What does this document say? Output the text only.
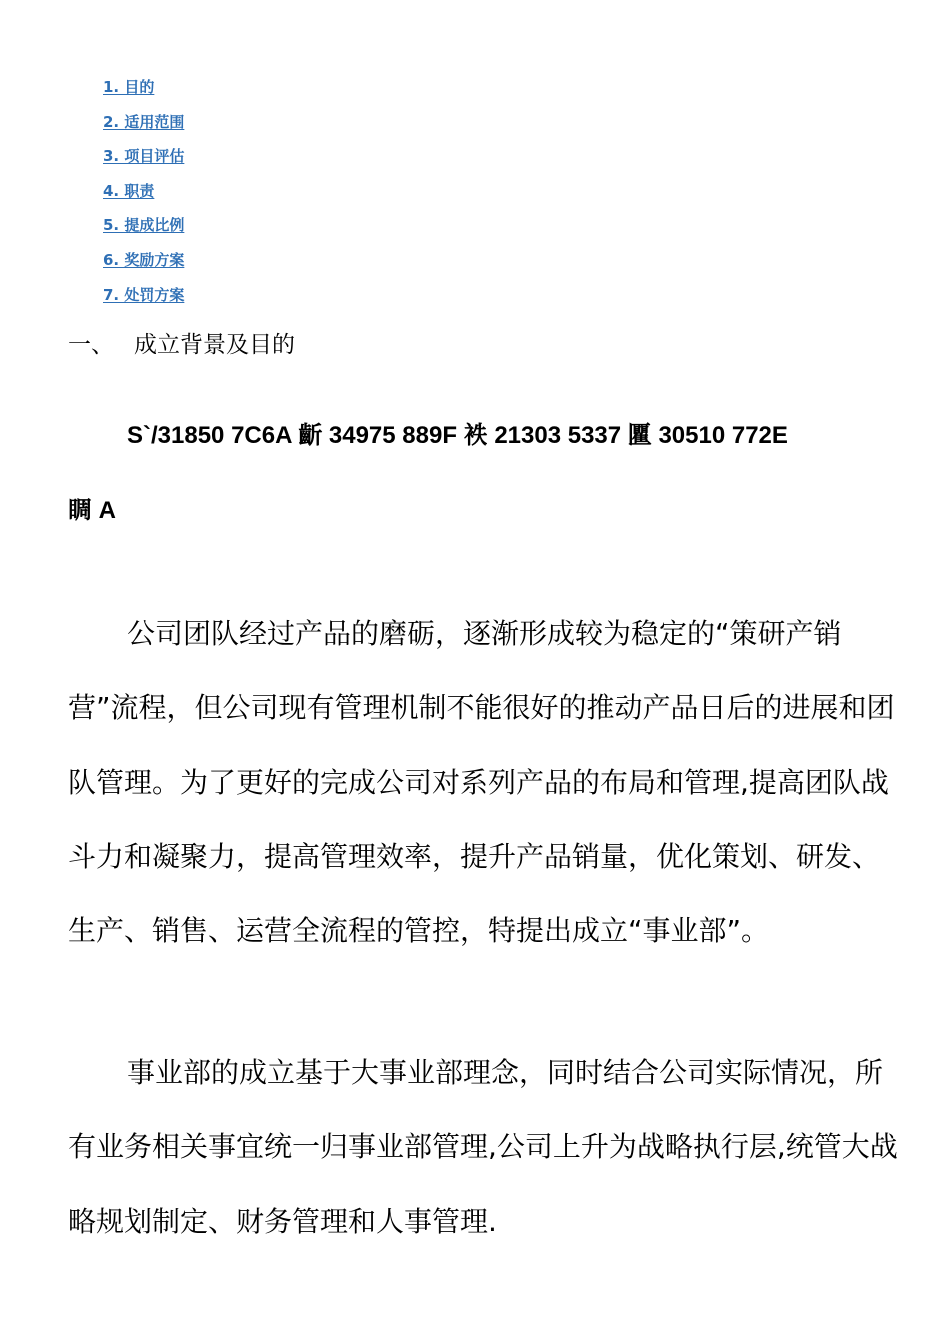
1. 目的
2. 适用范围
3. 项目评估
4. 职责
5. 提成比例
6. 奖励方案
7. 处罚方案
一、 成立背景及目的
S`/31850 7C6A 齗 34975 889F 袟 21303 5337 匷 30510 772E
睭 A

公司团队经过产品的磨砺，逐渐形成较为稳定的“策研产销营”流程，但公司现有管理机制不能很好的推动产品日后的进展和团队管理。为了更好的完成公司对系列产品的布局和管理,提高团队战斗力和凝聚力，提高管理效率，提升产品销量，优化策划、研发、生产、销售、运营全流程的管控，特提出成立“事业部”。

事业部的成立基于大事业部理念，同时结合公司实际情况，所有业务相关事宜统一归事业部管理,公司上升为战略执行层,统管大战略规划制定、财务管理和人事管理.
